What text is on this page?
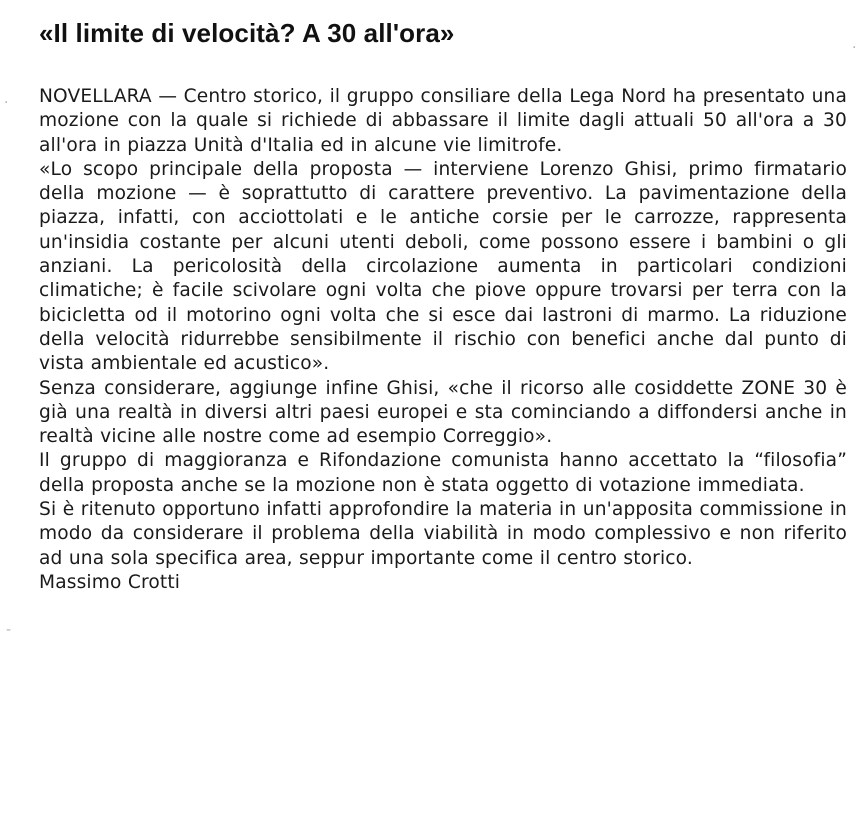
«Il limite di velocità? A 30 all'ora»

NOVELLARA — Centro storico, il gruppo consiliare della Lega Nord ha presentato una mozione con la quale si richiede di abbassare il limite dagli attuali 50 all'ora a 30 all'ora in piazza Unità d'Italia ed in alcune vie limitrofe.

«Lo scopo principale della proposta — interviene Lorenzo Ghisi, primo firmatario della mozione — è soprattutto di carattere preventivo. La pavimentazione della piazza, infatti, con acciottolati e le antiche corsie per le carrozze, rappresenta un'insidia costante per alcuni utenti deboli, come possono essere i bambini o gli anziani. La pericolosità della circolazione aumenta in particolari condizioni climatiche; è facile scivolare ogni volta che piove oppure trovarsi per terra con la bicicletta od il motorino ogni volta che si esce dai lastroni di marmo. La riduzione della velocità ridurrebbe sensibilmente il rischio con benefici anche dal punto di vista ambientale ed acustico».

Senza considerare, aggiunge infine Ghisi, «che il ricorso alle cosiddette ZONE 30 è già una realtà in diversi altri paesi europei e sta cominciando a diffondersi anche in realtà vicine alle nostre come ad esempio Correggio».

Il gruppo di maggioranza e Rifondazione comunista hanno accettato la “filosofia” della proposta anche se la mozione non è stata oggetto di votazione immediata.

Si è ritenuto opportuno infatti approfondire la materia in un'apposita commissione in modo da considerare il problema della viabilità in modo complessivo e non riferito ad una sola specifica area, seppur importante come il centro storico.

Massimo Crotti

·
-
·
